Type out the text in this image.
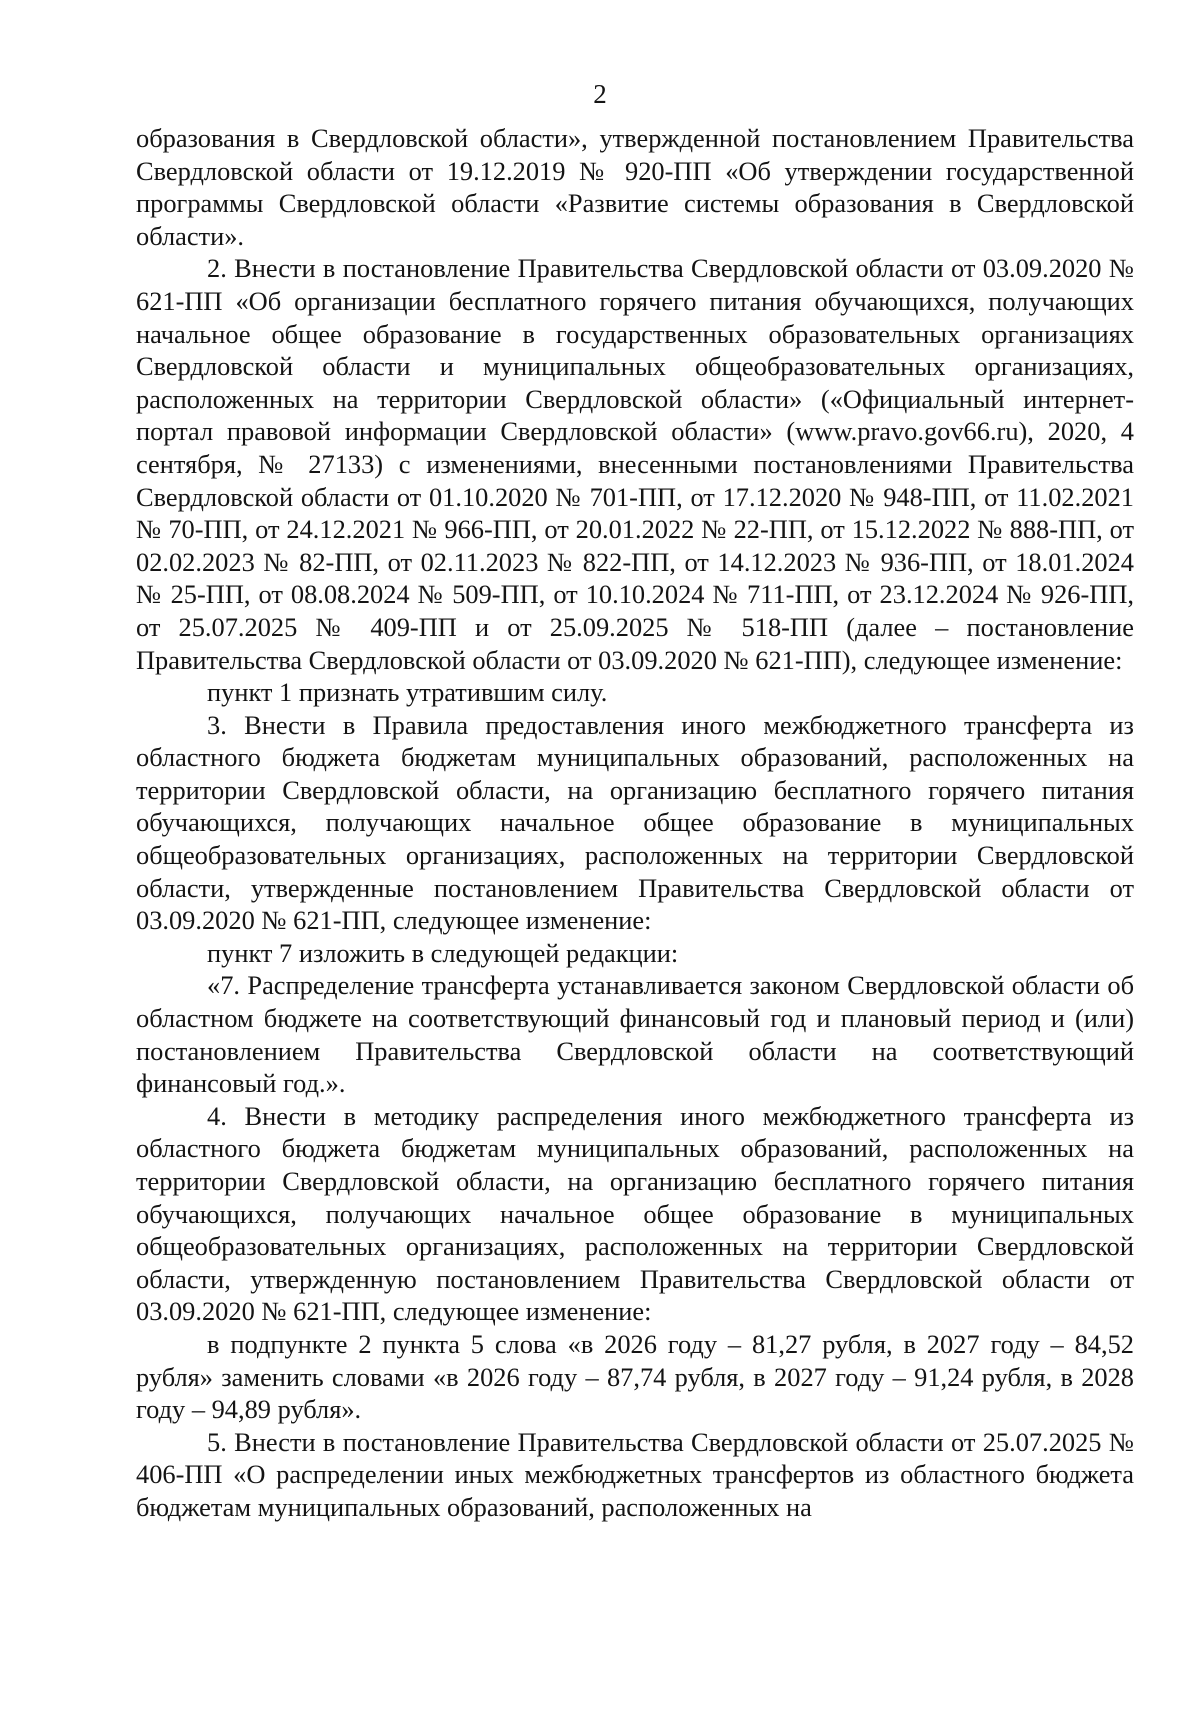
2

образования в Свердловской области», утвержденной постановлением Правительства Свердловской области от 19.12.2019 № 920-ПП «Об утверждении государственной программы Свердловской области «Развитие системы образования в Свердловской области».

2. Внести в постановление Правительства Свердловской области от 03.09.2020 № 621-ПП «Об организации бесплатного горячего питания обучающихся, получающих начальное общее образование в государственных образовательных организациях Свердловской области и муниципальных общеобразовательных организациях, расположенных на территории Свердловской области» («Официальный интернет-портал правовой информации Свердловской области» (www.pravo.gov66.ru), 2020, 4 сентября, № 27133) с изменениями, внесенными постановлениями Правительства Свердловской области от 01.10.2020 № 701-ПП, от 17.12.2020 № 948-ПП, от 11.02.2021 № 70-ПП, от 24.12.2021 № 966-ПП, от 20.01.2022 № 22-ПП, от 15.12.2022 № 888-ПП, от 02.02.2023 № 82-ПП, от 02.11.2023 № 822-ПП, от 14.12.2023 № 936-ПП, от 18.01.2024 № 25-ПП, от 08.08.2024 № 509-ПП, от 10.10.2024 № 711-ПП, от 23.12.2024 № 926-ПП, от 25.07.2025 № 409-ПП и от 25.09.2025 № 518-ПП (далее – постановление Правительства Свердловской области от 03.09.2020 № 621-ПП), следующее изменение:

пункт 1 признать утратившим силу.

3. Внести в Правила предоставления иного межбюджетного трансферта из областного бюджета бюджетам муниципальных образований, расположенных на территории Свердловской области, на организацию бесплатного горячего питания обучающихся, получающих начальное общее образование в муниципальных общеобразовательных организациях, расположенных на территории Свердловской области, утвержденные постановлением Правительства Свердловской области от 03.09.2020 № 621-ПП, следующее изменение:

пункт 7 изложить в следующей редакции:

«7. Распределение трансферта устанавливается законом Свердловской области об областном бюджете на соответствующий финансовый год и плановый период и (или) постановлением Правительства Свердловской области на соответствующий финансовый год.».

4. Внести в методику распределения иного межбюджетного трансферта из областного бюджета бюджетам муниципальных образований, расположенных на территории Свердловской области, на организацию бесплатного горячего питания обучающихся, получающих начальное общее образование в муниципальных общеобразовательных организациях, расположенных на территории Свердловской области, утвержденную постановлением Правительства Свердловской области от 03.09.2020 № 621-ПП, следующее изменение:

в подпункте 2 пункта 5 слова «в 2026 году – 81,27 рубля, в 2027 году – 84,52 рубля» заменить словами «в 2026 году – 87,74 рубля, в 2027 году – 91,24 рубля, в 2028 году – 94,89 рубля».

5. Внести в постановление Правительства Свердловской области от 25.07.2025 № 406-ПП «О распределении иных межбюджетных трансфертов из областного бюджета бюджетам муниципальных образований, расположенных на
